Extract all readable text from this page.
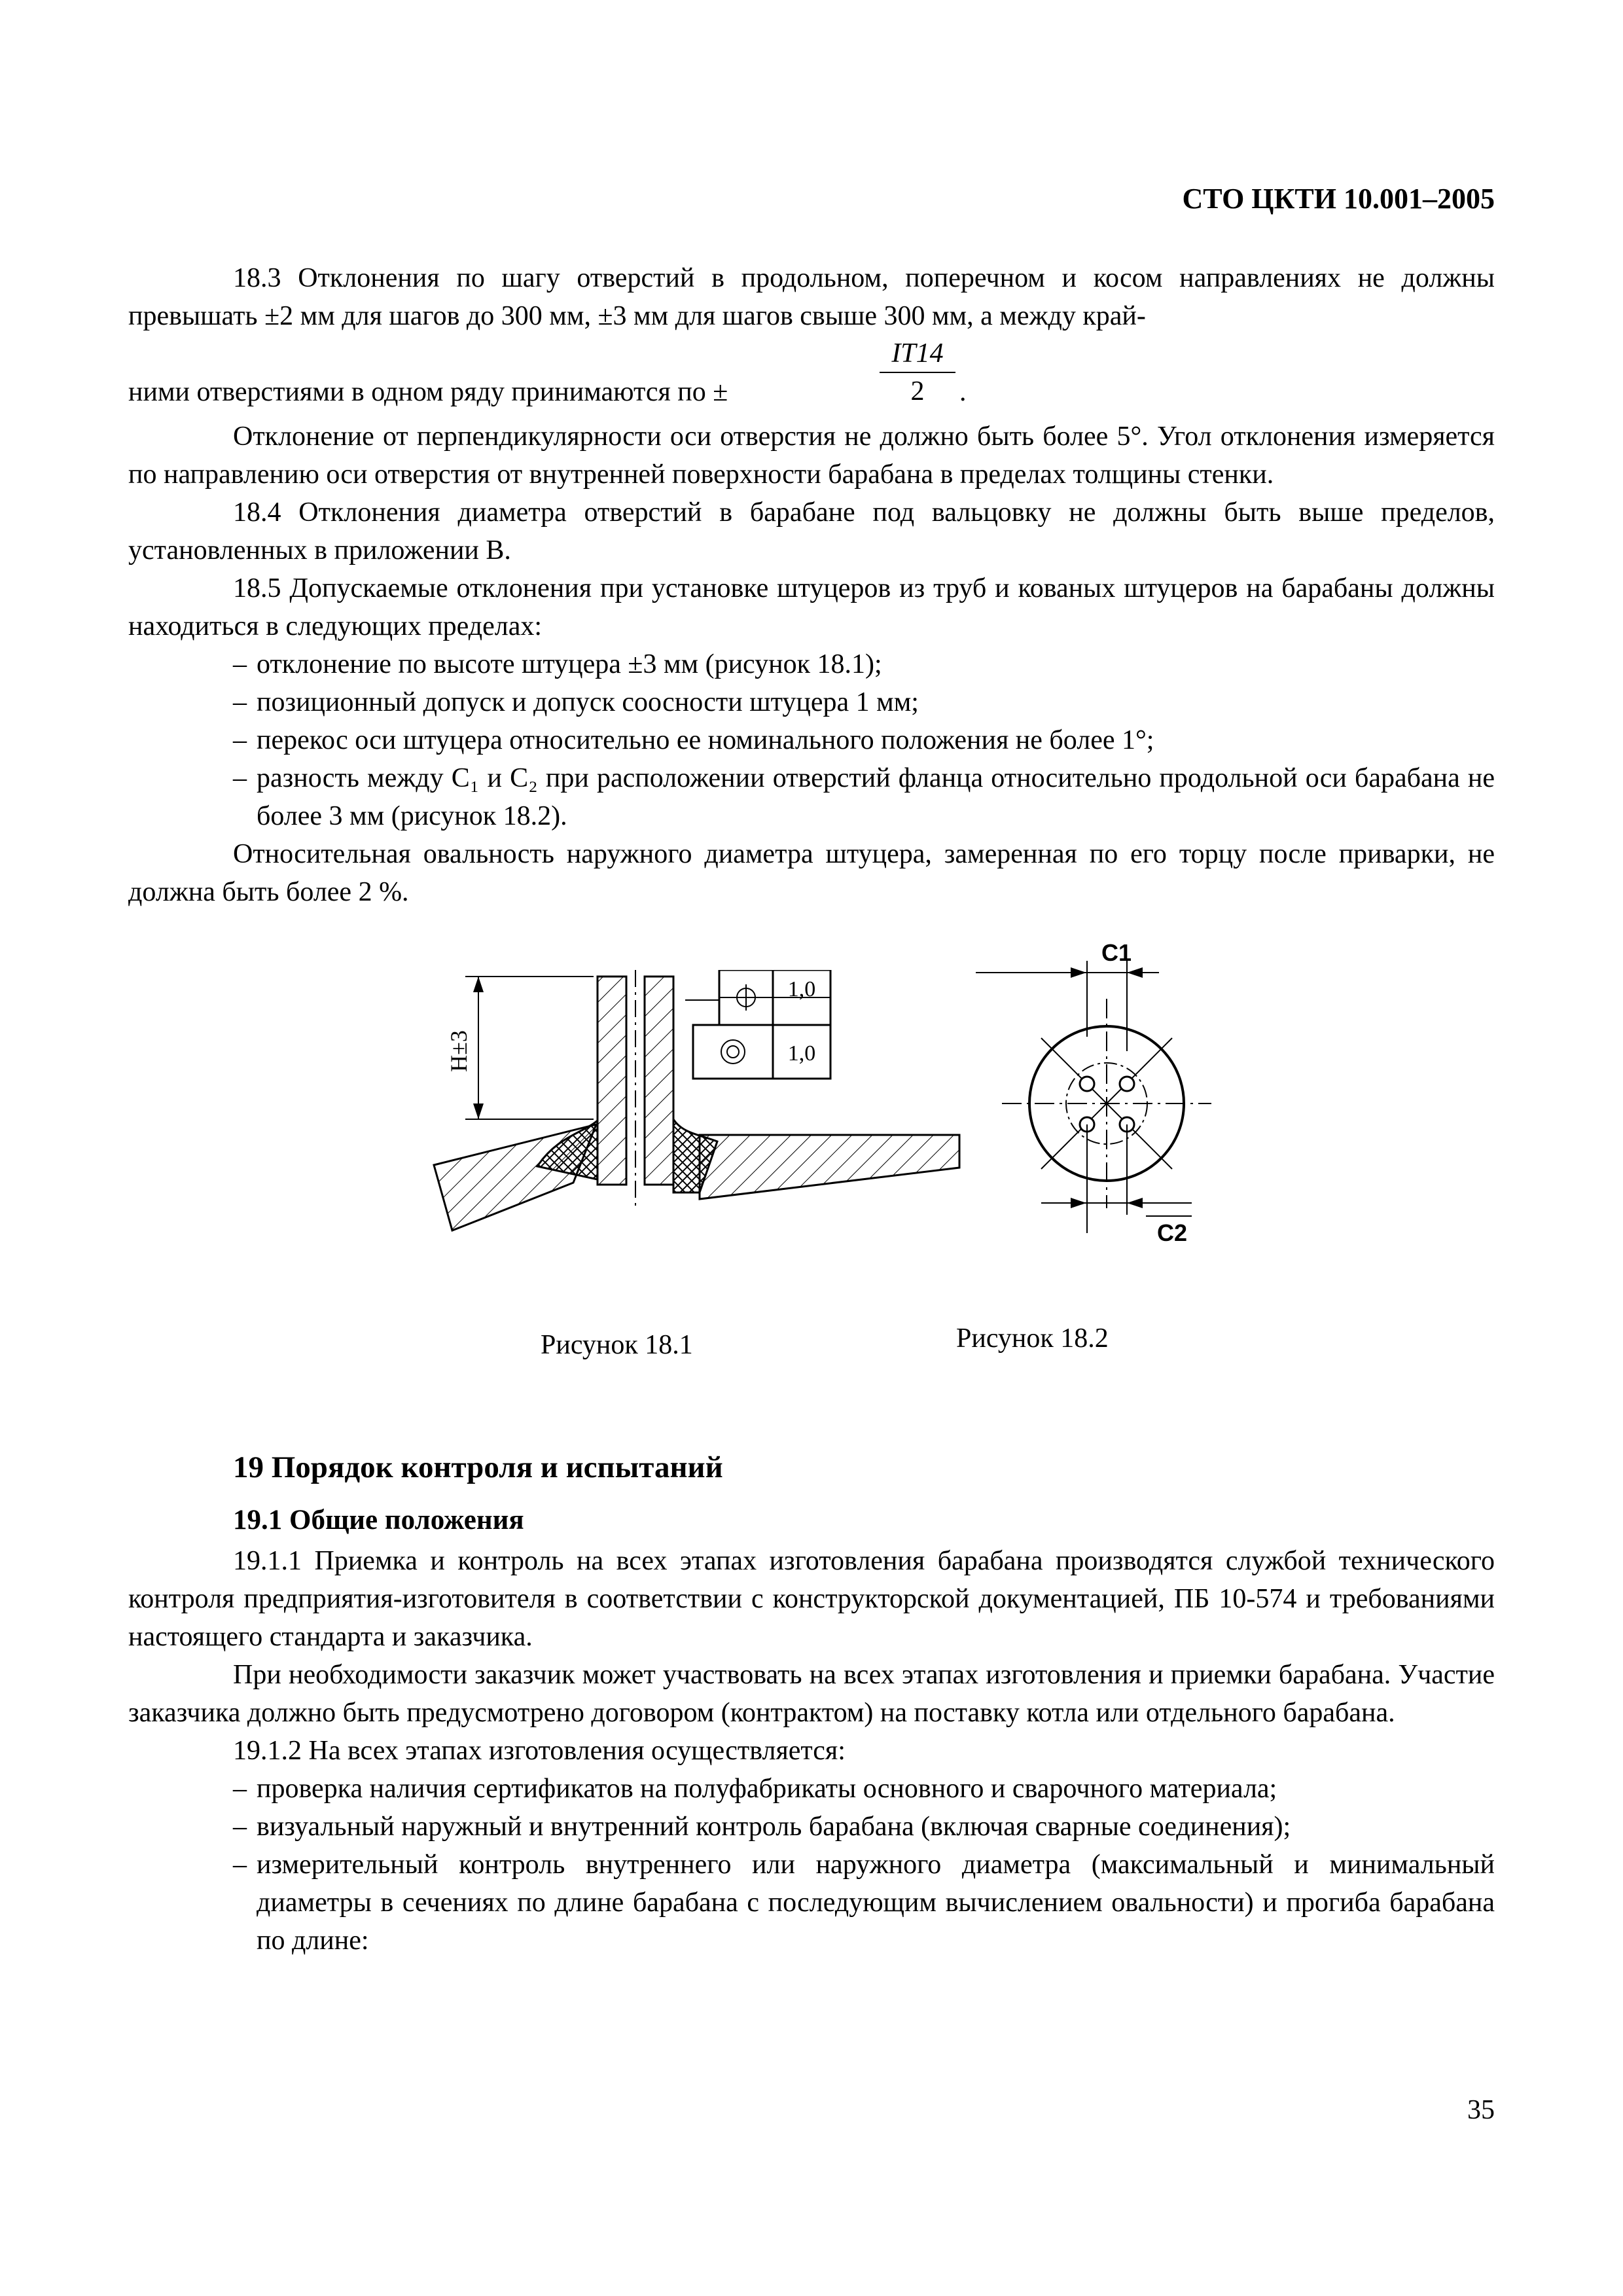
СТО ЦКТИ 10.001–2005

18.3 Отклонения по шагу отверстий в продольном, поперечном и косом направлениях не должны превышать ±2 мм для шагов до 300 мм, ±3 мм для шагов свыше 300 мм, а между край-

ними отверстиями в одном ряду принимаются по ±	$\frac{IT14}{2}$ .

Отклонение от перпендикулярности оси отверстия не должно быть более 5°. Угол отклонения измеряется по направлению оси отверстия от внутренней поверхности барабана в пределах толщины стенки.

18.4 Отклонения диаметра отверстий в барабане под вальцовку не должны быть выше пределов, установленных в приложении В.

18.5 Допускаемые отклонения при установке штуцеров из труб и кованых штуцеров на барабаны должны находиться в следующих пределах:

– отклонение по высоте штуцера ±3 мм (рисунок 18.1);

– позиционный допуск и допуск соосности штуцера 1 мм;

– перекос оси штуцера относительно ее номинального положения не более 1°;

– разность между C₁ и C₂ при расположении отверстий фланца относительно продольной оси барабана не более 3 мм (рисунок 18.2).

Относительная овальность наружного диаметра штуцера, замеренная по его торцу после приварки, не должна быть более 2 %.

H±3
1,0
1,0
C1
C2
Рисунок 18.1	Рисунок 18.2
19 Порядок контроля и испытаний
19.1 Общие положения

19.1.1 Приемка и контроль на всех этапах изготовления барабана производятся службой технического контроля предприятия-изготовителя в соответствии с конструкторской документацией, ПБ 10-574 и требованиями настоящего стандарта и заказчика.

При необходимости заказчик может участвовать на всех этапах изготовления и приемки барабана. Участие заказчика должно быть предусмотрено договором (контрактом) на поставку котла или отдельного барабана.

19.1.2 На всех этапах изготовления осуществляется:

– проверка наличия сертификатов на полуфабрикаты основного и сварочного материала;

– визуальный наружный и внутренний контроль барабана (включая сварные соединения);

– измерительный контроль внутреннего или наружного диаметра (максимальный и минимальный диаметры в сечениях по длине барабана с последующим вычислением овальности) и прогиба барабана по длине:

35
